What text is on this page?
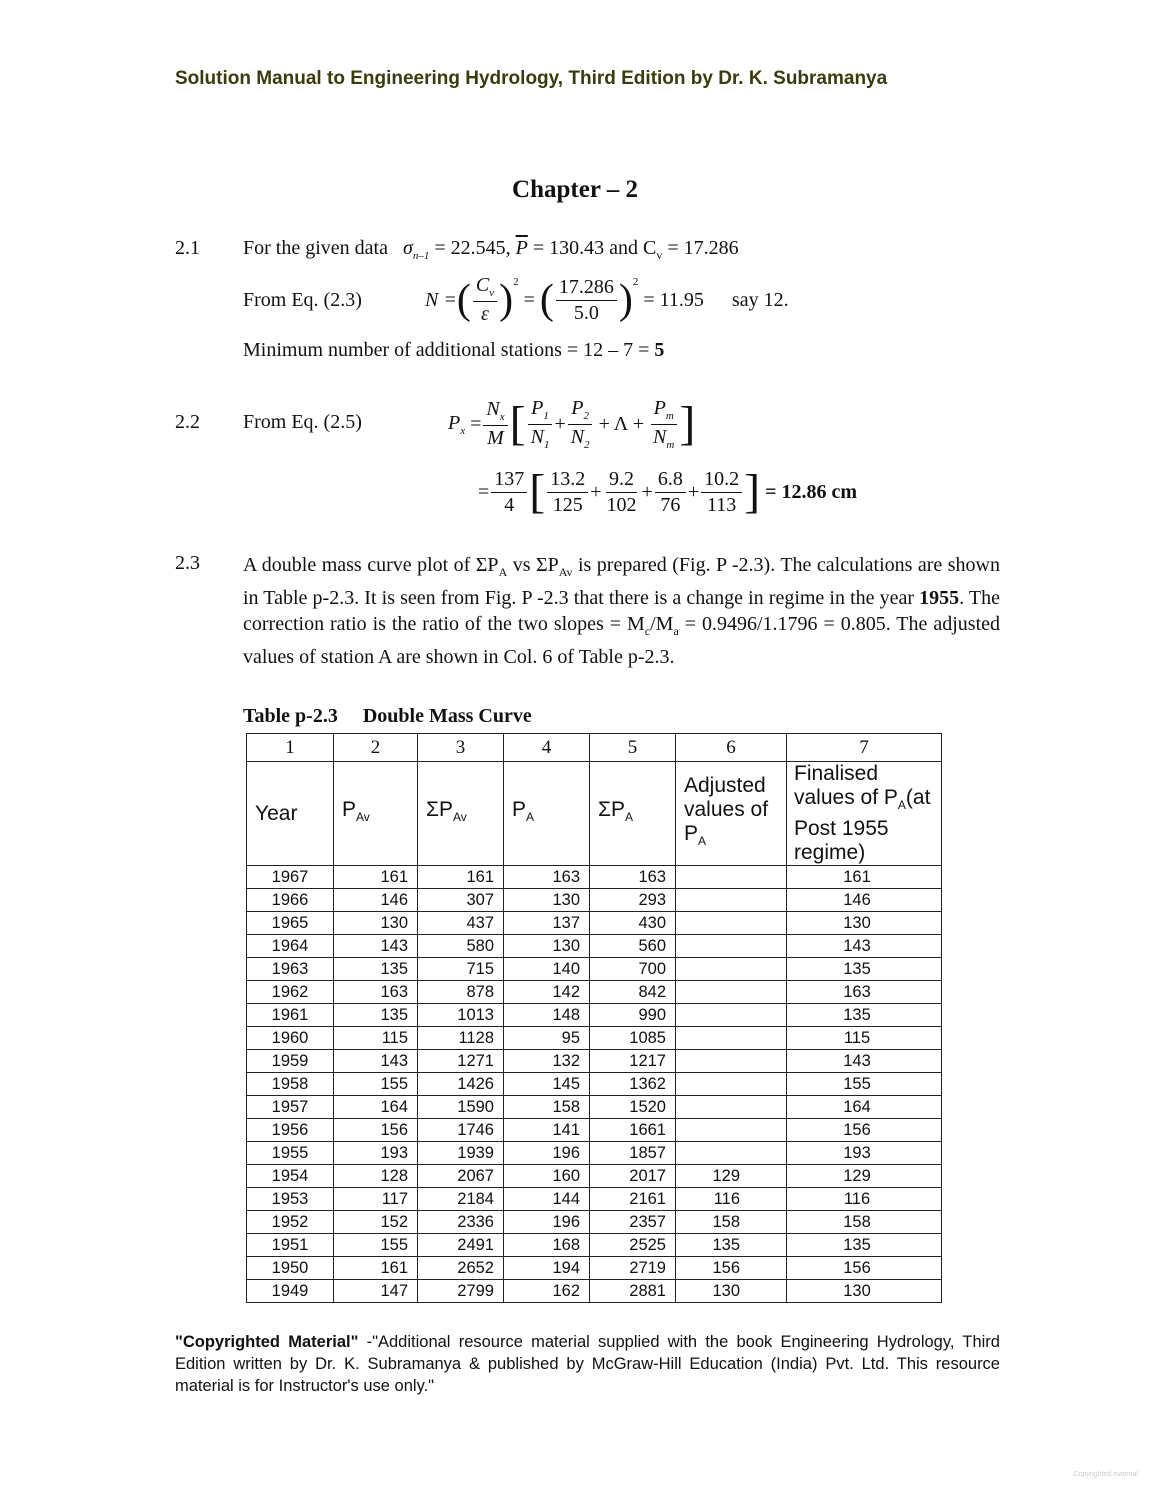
Solution Manual to Engineering Hydrology, Third Edition by Dr. K. Subramanya
Chapter – 2
2.1 For the given data $\sigma_{n-1} = 22.545$, $\overline{P} = 130.43$ and $C_v = 17.286$
From Eq. (2.3)	N = ( $\frac{C_v}{\varepsilon} )^2$
= ( $\frac{17.286}{5.0} )^2$

= 11.95 say 12.
Minimum number of additional stations = 12 – 7 = 5
2.2 From Eq. (2.5)	$P_x$
= $\frac{N_x}{M}$ [ $\frac{P_1}{N_1} + \frac{P_2}{N_2} + \Lambda + \frac{P_m}{N_m}$ ]
= $\frac{137}{4}$ [ $\frac{13.2}{125} + \frac{9.2}{102} + \frac{6.8}{76} + \frac{10.2}{113}$ ]
= 12.86 cm
2.3 A double mass curve plot of $\Sigma P_A$ vs $\Sigma P_{Av}$ is prepared (Fig. P -2.3). The calculations are shown in Table p-2.3. It is seen from Fig. P -2.3 that there is a change in regime in the year 1955. The correction ratio is the ratio of the two slopes = $M_c/M_a = 0.9496/1.1796 = 0.805$. The adjusted values of station A are shown in Col. 6 of Table p-2.3.
Table p-2.3     Double Mass Curve
1	2	3	4	5	6	7
Year	$P_{Av}$	$\Sigma P_{Av}$	$P_A$	$\Sigma P_A$	Adjusted values of $P_A$	Finalised values of $P_A(at$ Post 1955 regime)
1967	161	161	163	163		161
1966	146	307	130	293		146
1965	130	437	137	430		130
1964	143	580	130	560		143
1963	135	715	140	700		135
1962	163	878	142	842		163
1961	135	1013	148	990		135
1960	115	1128	95	1085		115
1959	143	1271	132	1217		143
1958	155	1426	145	1362		155
1957	164	1590	158	1520		164
1956	156	1746	141	1661		156
1955	193	1939	196	1857		193
1954	128	2067	160	2017	129	129
1953	117	2184	144	2161	116	116
1952	152	2336	196	2357	158	158
1951	155	2491	168	2525	135	135
1950	161	2652	194	2719	156	156
1949	147	2799	162	2881	130	130
"Copyrighted Material" -"Additional resource material supplied with the book Engineering Hydrology, Third Edition written by Dr. K. Subramanya & published by McGraw-Hill Education (India) Pvt. Ltd. This resource material is for Instructor's use only."
Copyrighted material
